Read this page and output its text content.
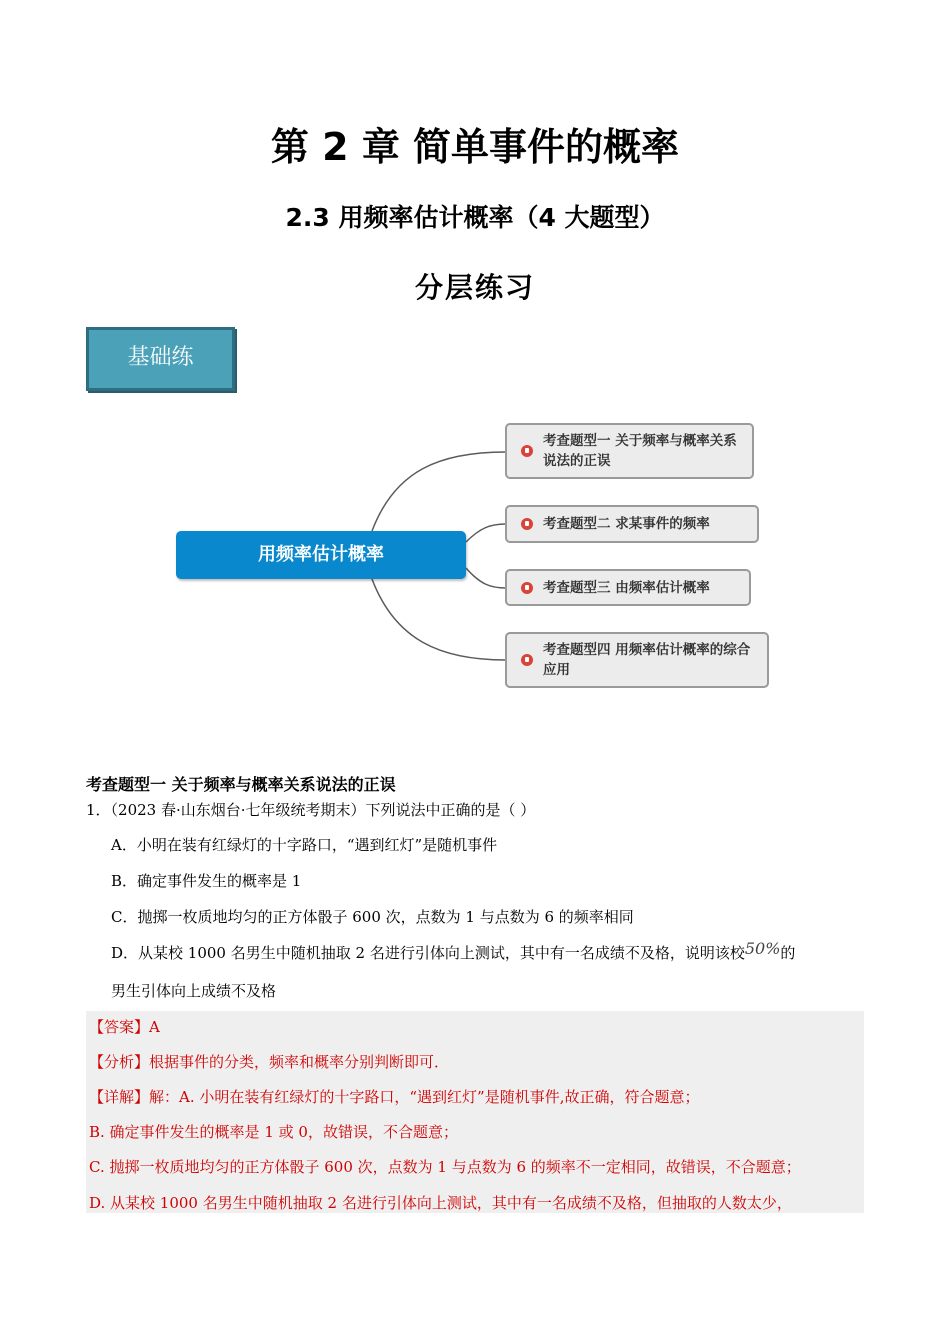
第 2 章 简单事件的概率
2.3 用频率估计概率（4 大题型）
分层练习
基础练
用频率估计概率
考查题型一 关于频率与概率关系说法的正误
考查题型二 求某事件的频率
考查题型三 由频率估计概率
考查题型四 用频率估计概率的综合应用
考查题型一 关于频率与概率关系说法的正误
1．（2023 春·山东烟台·七年级统考期末）下列说法中正确的是（ ）
A．小明在装有红绿灯的十字路口，“遇到红灯”是随机事件
B．确定事件发生的概率是 1
C．抛掷一枚质地均匀的正方体骰子 600 次，点数为 1 与点数为 6 的频率相同
D．从某校 1000 名男生中随机抽取 2 名进行引体向上测试，其中有一名成绩不及格，说明该校50%的
男生引体向上成绩不及格
【答案】A
【分析】根据事件的分类，频率和概率分别判断即可．
【详解】解：A. 小明在装有红绿灯的十字路口，“遇到红灯”是随机事件,故正确，符合题意；
B. 确定事件发生的概率是 1 或 0，故错误，不合题意；
C. 抛掷一枚质地均匀的正方体骰子 600 次，点数为 1 与点数为 6 的频率不一定相同，故错误，不合题意；
D. 从某校 1000 名男生中随机抽取 2 名进行引体向上测试，其中有一名成绩不及格，但抽取的人数太少，
